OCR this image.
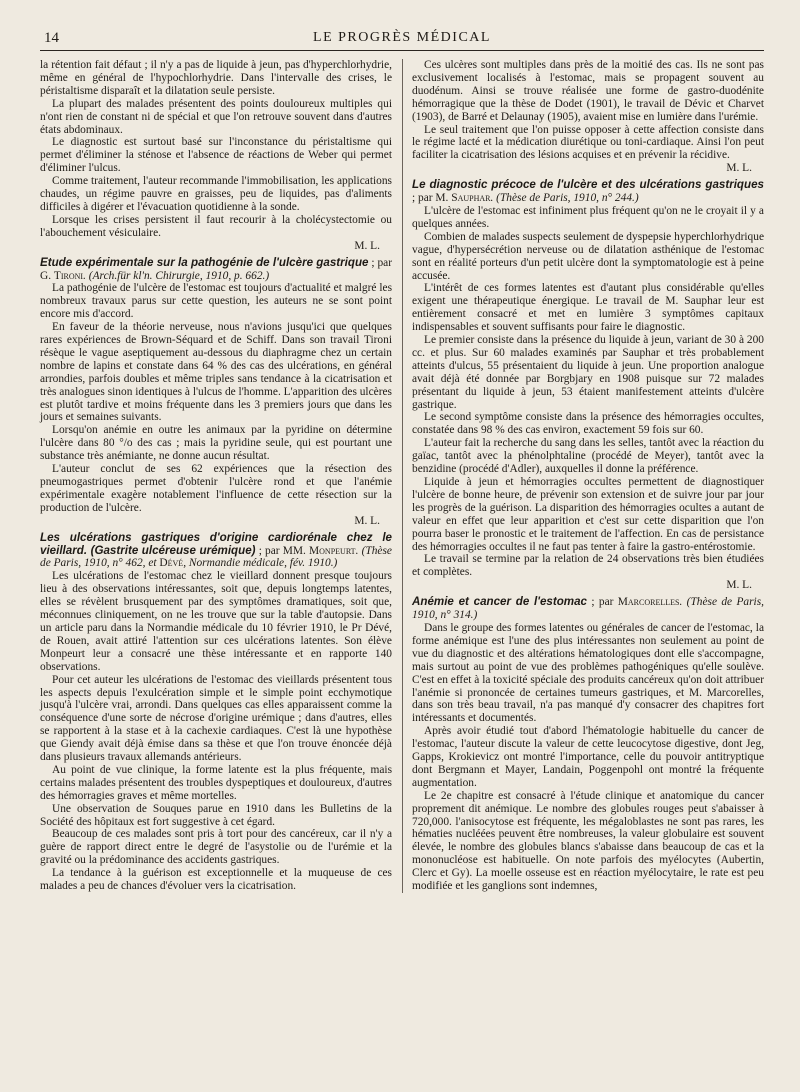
14	LE PROGRÈS MÉDICAL

la rétention fait défaut ; il n'y a pas de liquide à jeun, pas d'hyperchlorhydrie, même en général de l'hypochlorhydrie. Dans l'intervalle des crises, le péristaltisme disparaît et la dilatation seule persiste.

La plupart des malades présentent des points douloureux multiples qui n'ont rien de constant ni de spécial et que l'on retrouve souvent dans d'autres états abdominaux.

Le diagnostic est surtout basé sur l'inconstance du péristaltisme qui permet d'éliminer la sténose et l'absence de réactions de Weber qui permet d'éliminer l'ulcus.

Comme traitement, l'auteur recommande l'immobilisation, les applications chaudes, un régime pauvre en graisses, peu de liquides, pas d'aliments difficiles à digérer et l'évacuation quotidienne à la sonde.

Lorsque les crises persistent il faut recourir à la cholécystectomie ou l'abouchement vésiculaire.

M. L.

Etude expérimentale sur la pathogénie de l'ulcère gastrique ; par G. Tironi. (Arch.für kl'n. Chirurgie, 1910, p. 662.)

La pathogénie de l'ulcère de l'estomac est toujours d'actualité et malgré les nombreux travaux parus sur cette question, les auteurs ne se sont point encore mis d'accord.

En faveur de la théorie nerveuse, nous n'avions jusqu'ici que quelques rares expériences de Brown-Séquard et de Schiff. Dans son travail Tironi résèque le vague aseptiquement au-dessous du diaphragme chez un certain nombre de lapins et constate dans 64 % des cas des ulcérations, en général arrondies, parfois doubles et même triples sans tendance à la cicatrisation et très analogues sinon identiques à l'ulcus de l'homme. L'apparition des ulcères est plutôt tardive et moins fréquente dans les 3 premiers jours que dans les jours et semaines suivants.

Lorsqu'on anémie en outre les animaux par la pyridine on détermine l'ulcère dans 80 °/o des cas ; mais la pyridine seule, qui est pourtant une substance très anémiante, ne donne aucun résultat.

L'auteur conclut de ses 62 expériences que la résection des pneumogastriques permet d'obtenir l'ulcère rond et que l'anémie expérimentale exagère notablement l'influence de cette résection sur la production de l'ulcère.

M. L.

Les ulcérations gastriques d'origine cardiorénale chez le vieillard. (Gastrite ulcéreuse urémique) ; par MM. Monpeurt. (Thèse de Paris, 1910, n° 462, et Dévé, Normandie médicale, fév. 1910.)

Les ulcérations de l'estomac chez le vieillard donnent presque toujours lieu à des observations intéressantes, soit que, depuis longtemps latentes, elles se révèlent brusquement par des symptômes dramatiques, soit que, méconnues cliniquement, on ne les trouve que sur la table d'autopsie. Dans un article paru dans la Normandie médicale du 10 février 1910, le Pr Dévé, de Rouen, avait attiré l'attention sur ces ulcérations latentes. Son élève Monpeurt leur a consacré une thèse intéressante et en rapporte 140 observations.

Pour cet auteur les ulcérations de l'estomac des vieillards présentent tous les aspects depuis l'exulcération simple et le simple point ecchymotique jusqu'à l'ulcère vrai, arrondi. Dans quelques cas elles apparaissent comme la conséquence d'une sorte de nécrose d'origine urémique ; dans d'autres, elles se rapportent à la stase et à la cachexie cardiaques. C'est là une hypothèse que Giendy avait déjà émise dans sa thèse et que l'on trouve énoncée déjà dans plusieurs travaux allemands antérieurs.

Au point de vue clinique, la forme latente est la plus fréquente, mais certains malades présentent des troubles dyspeptiques et douloureux, d'autres des hémorragies graves et même mortelles.

Une observation de Souques parue en 1910 dans les Bulletins de la Société des hôpitaux est fort suggestive à cet égard.

Beaucoup de ces malades sont pris à tort pour des cancéreux, car il n'y a guère de rapport direct entre le degré de l'asystolie ou de l'urémie et la gravité ou la prédominance des accidents gastriques.

La tendance à la guérison est exceptionnelle et la muqueuse de ces malades a peu de chances d'évoluer vers la cicatrisation.

Ces ulcères sont multiples dans près de la moitié des cas. Ils ne sont pas exclusivement localisés à l'estomac, mais se propagent souvent au duodénum. Ainsi se trouve réalisée une forme de gastro-duodénite hémorragique que la thèse de Dodet (1901), le travail de Dévic et Charvet (1903), de Barré et Delaunay (1905), avaient mise en lumière dans l'urémie.

Le seul traitement que l'on puisse opposer à cette affection consiste dans le régime lacté et la médication diurétique ou toni-cardiaque. Ainsi l'on peut faciliter la cicatrisation des lésions acquises et en prévenir la récidive.

M. L.

Le diagnostic précoce de l'ulcère et des ulcérations gastriques ; par M. Sauphar. (Thèse de Paris, 1910, n° 244.)

L'ulcère de l'estomac est infiniment plus fréquent qu'on ne le croyait il y a quelques années.

Combien de malades suspects seulement de dyspepsie hyperchlorhydrique vague, d'hypersécrétion nerveuse ou de dilatation asthénique de l'estomac sont en réalité porteurs d'un petit ulcère dont la symptomatologie est à peine accusée.

L'intérêt de ces formes latentes est d'autant plus considérable qu'elles exigent une thérapeutique énergique. Le travail de M. Sauphar leur est entièrement consacré et met en lumière 3 symptômes capitaux indispensables et souvent suffisants pour faire le diagnostic.

Le premier consiste dans la présence du liquide à jeun, variant de 30 à 200 cc. et plus. Sur 60 malades examinés par Sauphar et très probablement atteints d'ulcus, 55 présentaient du liquide à jeun. Une proportion analogue avait déjà été donnée par Borgbjary en 1908 puisque sur 72 malades présentant du liquide à jeun, 53 étaient manifestement atteints d'ulcère gastrique.

Le second symptôme consiste dans la présence des hémorragies occultes, constatée dans 98 % des cas environ, exactement 59 fois sur 60.

L'auteur fait la recherche du sang dans les selles, tantôt avec la réaction du gaïac, tantôt avec la phénolphtaline (procédé de Meyer), tantôt avec la benzidine (procédé d'Adler), auxquelles il donne la préférence.

Liquide à jeun et hémorragies occultes permettent de diagnostiquer l'ulcère de bonne heure, de prévenir son extension et de suivre jour par jour les progrès de la guérison. La disparition des hémorragies ocultes a autant de valeur en effet que leur apparition et c'est sur cette disparition que l'on pourra baser le pronostic et le traitement de l'affection. En cas de persistance des hémorragies occultes il ne faut pas tenter à faire la gastro-entérostomie.

Le travail se termine par la relation de 24 observations très bien étudiées et complètes.

M. L.

Anémie et cancer de l'estomac ; par Marcorelles. (Thèse de Paris, 1910, n° 314.)

Dans le groupe des formes latentes ou générales de cancer de l'estomac, la forme anémique est l'une des plus intéressantes non seulement au point de vue du diagnostic et des altérations hématologiques dont elle s'accompagne, mais surtout au point de vue des problèmes pathogéniques qu'elle soulève. C'est en effet à la toxicité spéciale des produits cancéreux qu'on doit attribuer l'anémie si prononcée de certaines tumeurs gastriques, et M. Marcorelles, dans son très beau travail, n'a pas manqué d'y consacrer des chapitres fort intéressants et documentés.

Après avoir étudié tout d'abord l'hématologie habituelle du cancer de l'estomac, l'auteur discute la valeur de cette leucocytose digestive, dont Jeg, Gapps, Krokievicz ont montré l'importance, celle du pouvoir antitryptique dont Bergmann et Mayer, Landain, Poggenpohl ont montré la fréquente augmentation.

Le 2e chapitre est consacré à l'étude clinique et anatomique du cancer proprement dit anémique. Le nombre des globules rouges peut s'abaisser à 720,000. l'anisocytose est fréquente, les mégaloblastes ne sont pas rares, les hématies nucléées peuvent être nombreuses, la valeur globulaire est souvent élevée, le nombre des globules blancs s'abaisse dans beaucoup de cas et la mononucléose est habituelle. On note parfois des myélocytes (Aubertin, Clerc et Gy). La moelle osseuse est en réaction myélocytaire, le rate est peu modifiée et les ganglions sont indemnes,
